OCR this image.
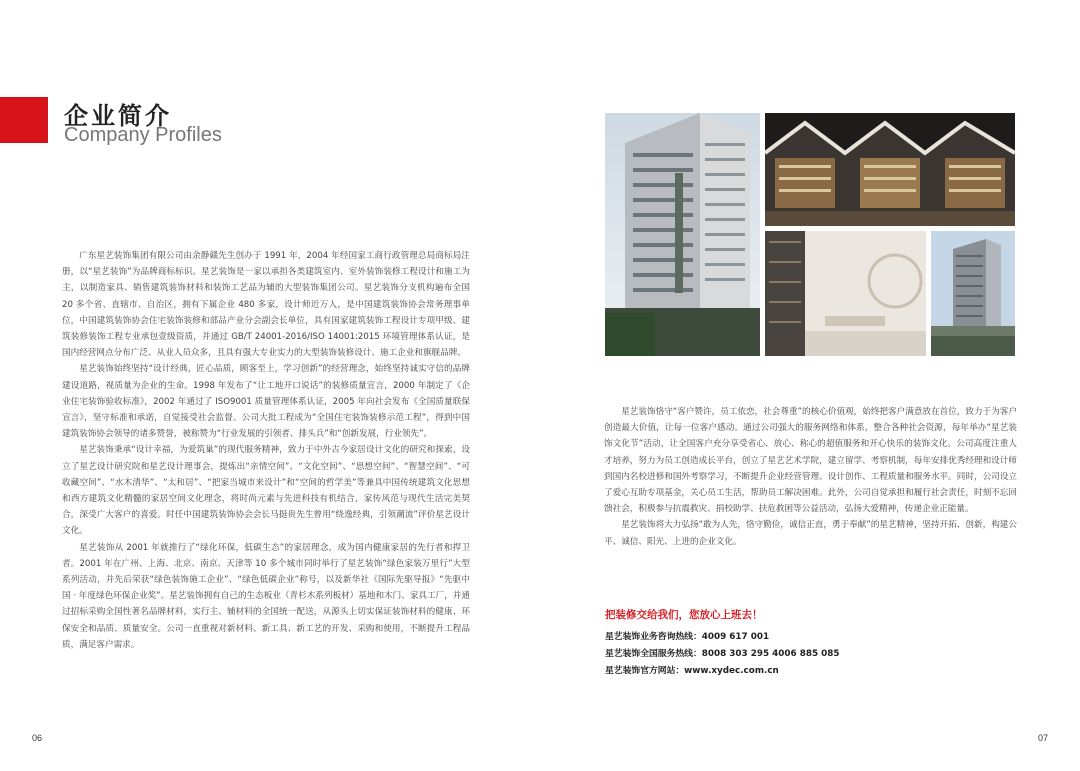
企业简介
Company Profiles

广东星艺装饰集团有限公司由余静赣先生创办于 1991 年，2004 年经国家工商行政管理总局商标局注册，以“星艺装饰”为品牌商标标识。星艺装饰是一家以承担各类建筑室内、室外装饰装修工程设计和施工为主，以制造家具、销售建筑装饰材料和装饰工艺品为辅的大型装饰集团公司。星艺装饰分支机构遍布全国 20 多个省、直辖市、自治区，拥有下属企业 480 多家，设计师近万人，是中国建筑装饰协会常务理事单位，中国建筑装饰协会住宅装饰装修和部品产业分会副会长单位，具有国家建筑装饰工程设计专项甲级、建筑装修装饰工程专业承包壹级资质，并通过 GB/T 24001-2016/ISO 14001:2015 环境管理体系认证，是国内经营网点分布广泛、从业人员众多，且具有强大专业实力的大型装饰装修设计、施工企业和旗舰品牌。

星艺装饰始终坚持“设计经典，匠心品质，顾客至上，学习创新”的经营理念，始终坚持诚实守信的品牌建设道路，视质量为企业的生命。1998 年发布了“让工地开口说话”的装修质量宣言，2000 年制定了《企业住宅装饰验收标准》，2002 年通过了 ISO9001 质量管理体系认证，2005 年向社会发布《全国质量联保宣言》，坚守标准和承诺，自觉接受社会监督。公司大批工程成为“全国住宅装饰装修示范工程”，得到中国建筑装饰协会领导的诸多赞誉，被称赞为“行业发展的引领者、排头兵”和“创新发展，行业领先”。

星艺装饰秉承“设计幸福，为爱筑巢”的现代服务精神，致力于中外古今家居设计文化的研究和探索，设立了星艺设计研究院和星艺设计理事会，提炼出“亲情空间”、“文化空间”、“思想空间”、“智慧空间”、“可收藏空间”、“水木清华”、“太和居”、“把家当城市来设计”和“空间的哲学美”等兼具中国传统建筑文化思想和西方建筑文化精髓的家居空间文化理念，将时尚元素与先进科技有机结合，家传风范与现代生活完美契合，深受广大客户的喜爱。时任中国建筑装饰协会会长马挺贵先生曾用“绕逸经典，引领潮流”评价星艺设计文化。

星艺装饰从 2001 年就推行了“绿化环保，低碳生态”的家居理念，成为国内健康家居的先行者和捍卫者。2001 年在广州、上海、北京、南京、天津等 10 多个城市同时举行了星艺装饰“绿色家装万里行”大型系列活动，并先后荣获“绿色装饰施工企业”、“绿色低碳企业”称号，以及新华社《国际先驱导报》“先驱中国 · 年度绿色环保企业奖”。星艺装饰拥有自己的生态板业（青杉木系列板材）基地和木门、家具工厂，并通过招标采购全国性著名品牌材料，实行主、辅材料的全国统一配送，从源头上切实保证装饰材料的健康、环保安全和品质、质量安全。公司一直重视对新材料、新工具、新工艺的开发、采购和使用，不断提升工程品质，满足客户需求。

06

星艺装饰恪守“客户赞许，员工依恋，社会尊重”的核心价值观，始终把客户满意放在首位，致力于为客户创造最大价值，让每一位客户感动。通过公司强大的服务网络和体系，整合各种社会资源，每年举办“星艺装饰文化节”活动，让全国客户充分享受省心、放心、称心的超值服务和开心快乐的装饰文化。公司高度注重人才培养，努力为员工创造成长平台，创立了星艺艺术学院，建立留学、考察机制，每年安排优秀经理和设计师到国内名校进修和国外考察学习，不断提升企业经营管理、设计创作、工程质量和服务水平。同时，公司设立了爱心互助专项基金，关心员工生活，帮助员工解决困难。此外，公司自觉承担和履行社会责任，时刻不忘回馈社会，积极参与抗震救灾、捐校助学、扶危救困等公益活动，弘扬大爱精神，传递企业正能量。

星艺装饰将大力弘扬“敢为人先，恪守勤俭，诚信正直，勇于奉献”的星艺精神，坚持开拓、创新，构建公平、诚信、阳光、上进的企业文化。

把装修交给我们，您放心上班去！
星艺装饰业务咨询热线：4009 617 001
星艺装饰全国服务热线：8008 303 295 4006 885 085
星艺装饰官方网站：www.xydec.com.cn
07
